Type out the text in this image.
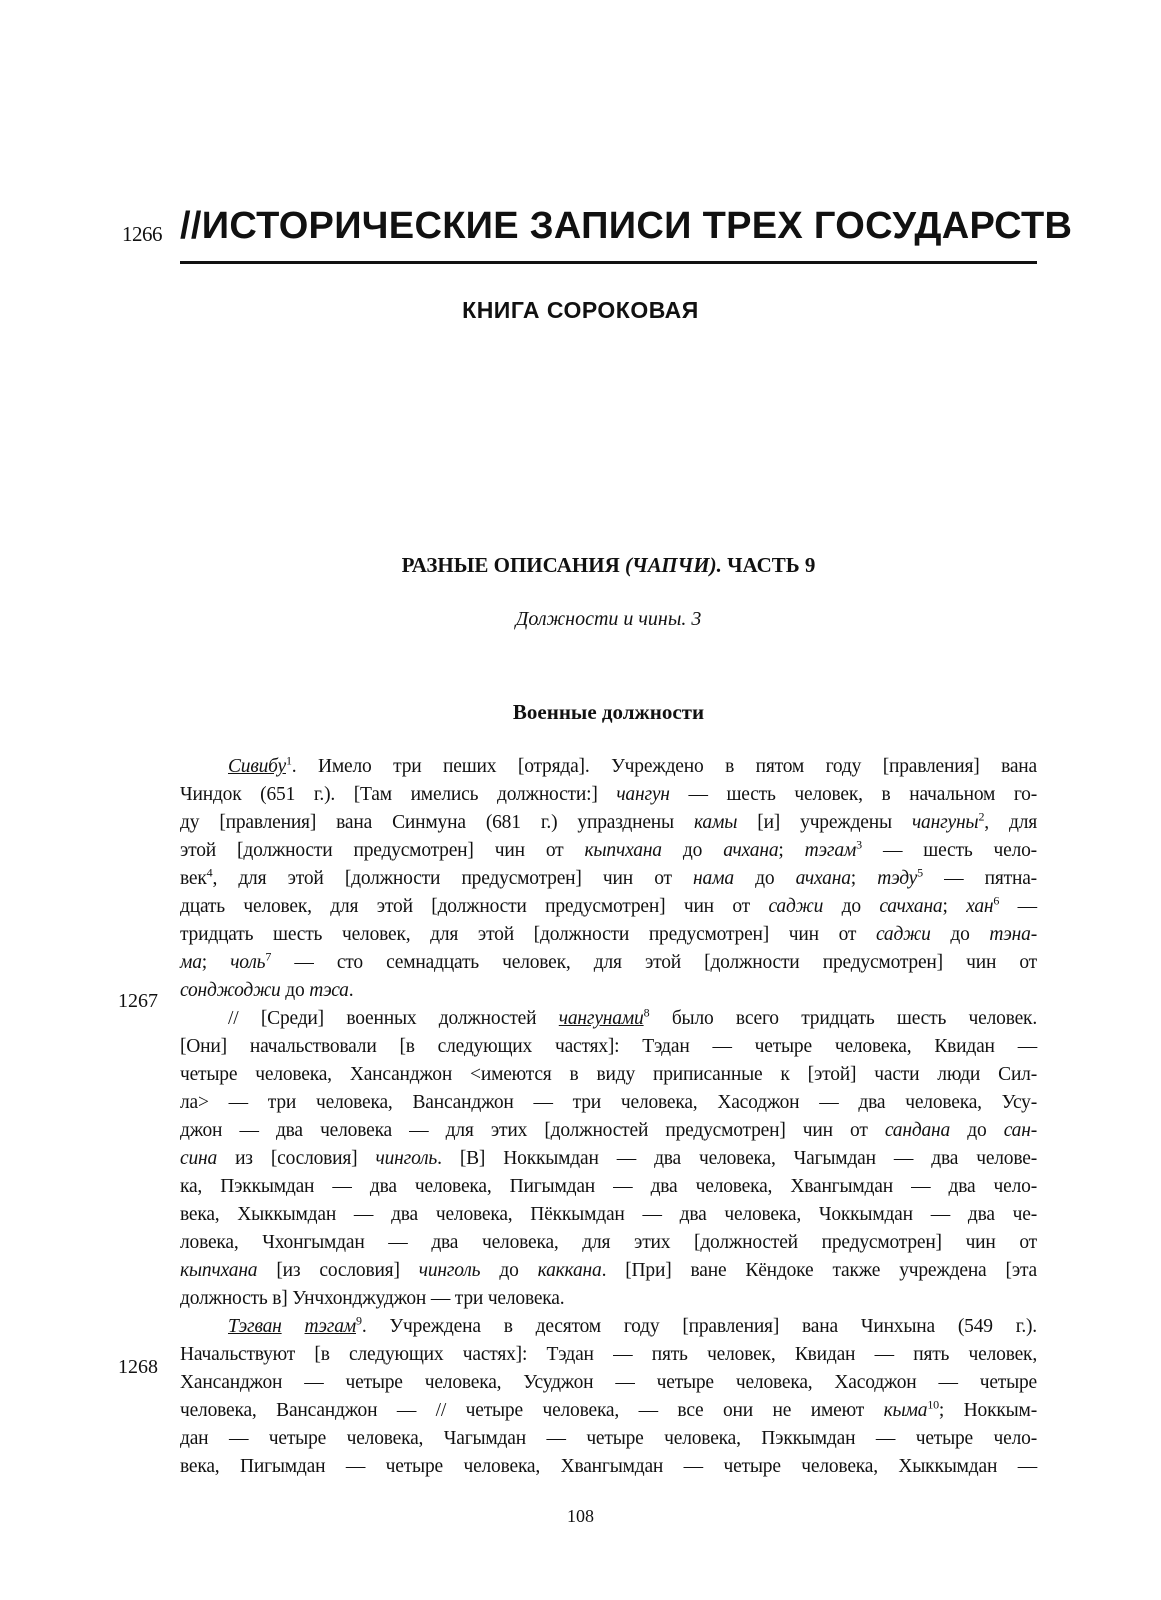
1266 //ИСТОРИЧЕСКИЕ ЗАПИСИ ТРЕХ ГОСУДАРСТВ
КНИГА СОРОКОВАЯ
РАЗНЫЕ ОПИСАНИЯ (ЧАПЧИ). ЧАСТЬ 9
Должности и чины. 3
Военные должности
1267
1268
Сивибу$^1$. Имело три пеших [отряда]. Учреждено в пятом году [правления] вана
Чиндок (651 г.). [Там имелись должности:] чангун — шесть человек, в начальном го-
ду [правления] вана Синмуна (681 г.) упразднены камы [и] учреждены чангуны$^2$, для
этой [должности предусмотрен] чин от кыпчхана до ачхана; тэгам$^3$ — шесть чело-
век$^4$, для этой [должности предусмотрен] чин от нама до ачхана; тэду$^5$ — пятна-
дцать человек, для этой [должности предусмотрен] чин от саджи до сачхана; хан$^6$ —
тридцать шесть человек, для этой [должности предусмотрен] чин от саджи до тэна-
ма; чоль$^7$ — сто семнадцать человек, для этой [должности предусмотрен] чин от
сонджоджи до тэса.
// [Среди] военных должностей чангунами$^8$ было всего тридцать шесть человек.
[Они] начальствовали [в следующих частях]: Тэдан — четыре человека, Квидан —
четыре человека, Хансанджон <имеются в виду приписанные к [этой] части люди Сил-
ла> — три человека, Вансанджон — три человека, Хасоджон — два человека, Усу-
джон — два человека — для этих [должностей предусмотрен] чин от сандана до сан-
сина из [сословия] чинголь. [В] Ноккымдан — два человека, Чагымдан — два челове-
ка, Пэккымдан — два человека, Пигымдан — два человека, Хвангымдан — два чело-
века, Хыккымдан — два человека, Пёккымдан — два человека, Чоккымдан — два че-
ловека, Чхонгымдан — два человека, для этих [должностей предусмотрен] чин от
кыпчхана [из сословия] чинголь до каккана. [При] ване Кёндоке также учреждена [эта
должность в] Унчхонджуджон — три человека.
Тэгван тэгам$^9$. Учреждена в десятом году [правления] вана Чинхына (549 г.).
Начальствуют [в следующих частях]: Тэдан — пять человек, Квидан — пять человек,
Хансанджон — четыре человека, Усуджон — четыре человека, Хасоджон — четыре
человека, Вансанджон — // четыре человека, — все они не имеют кыма$^{10}$; Ноккым-
дан — четыре человека, Чагымдан — четыре человека, Пэккымдан — четыре чело-
века, Пигымдан — четыре человека, Хвангымдан — четыре человека, Хыккымдан —
108
